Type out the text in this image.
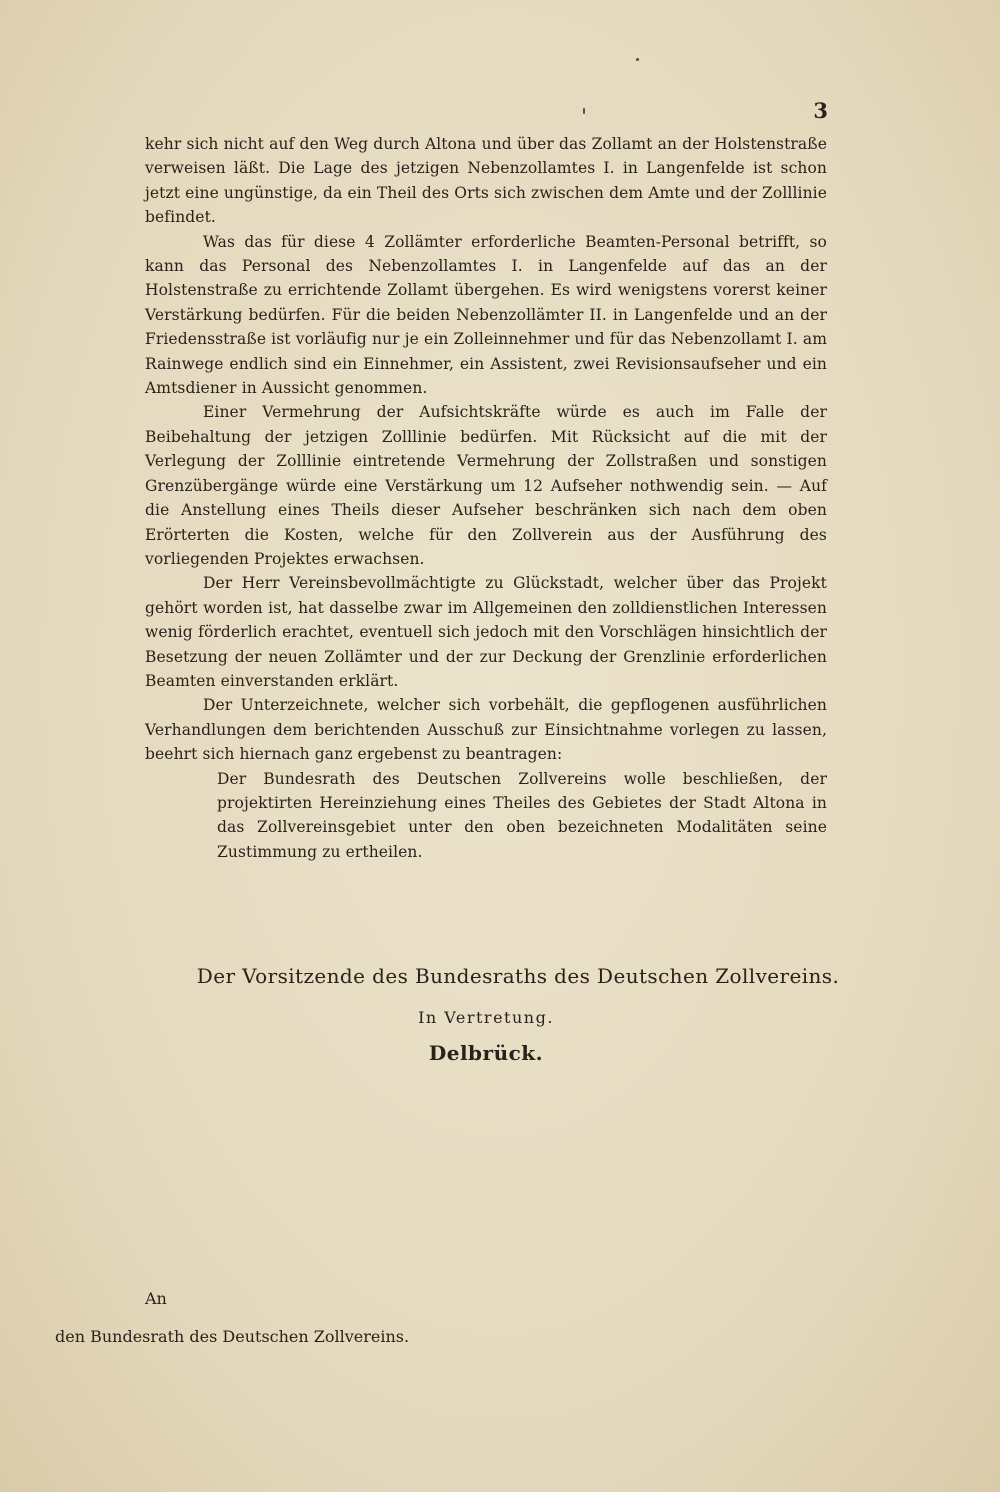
3

kehr sich nicht auf den Weg durch Altona und über das Zollamt an der Holstenstraße verweisen läßt. Die Lage des jetzigen Nebenzollamtes I. in Langenfelde ist schon jetzt eine ungünstige, da ein Theil des Orts sich zwischen dem Amte und der Zolllinie befindet.

Was das für diese 4 Zollämter erforderliche Beamten-Personal betrifft, so kann das Personal des Nebenzollamtes I. in Langenfelde auf das an der Holstenstraße zu errichtende Zollamt übergehen. Es wird wenigstens vorerst keiner Verstärkung bedürfen. Für die beiden Nebenzollämter II. in Langenfelde und an der Friedensstraße ist vorläufig nur je ein Zolleinnehmer und für das Nebenzollamt I. am Rainwege endlich sind ein Einnehmer, ein Assistent, zwei Revisionsaufseher und ein Amtsdiener in Aussicht genommen.

Einer Vermehrung der Aufsichtskräfte würde es auch im Falle der Beibehaltung der jetzigen Zolllinie bedürfen. Mit Rücksicht auf die mit der Verlegung der Zolllinie eintretende Vermehrung der Zollstraßen und sonstigen Grenzübergänge würde eine Verstärkung um 12 Aufseher nothwendig sein. — Auf die Anstellung eines Theils dieser Aufseher beschränken sich nach dem oben Erörterten die Kosten, welche für den Zollverein aus der Ausführung des vorliegenden Projektes erwachsen.

Der Herr Vereinsbevollmächtigte zu Glückstadt, welcher über das Projekt gehört worden ist, hat dasselbe zwar im Allgemeinen den zolldienstlichen Interessen wenig förderlich erachtet, eventuell sich jedoch mit den Vorschlägen hinsichtlich der Besetzung der neuen Zollämter und der zur Deckung der Grenzlinie erforderlichen Beamten einverstanden erklärt.

Der Unterzeichnete, welcher sich vorbehält, die gepflogenen ausführlichen Verhandlungen dem berichtenden Ausschuß zur Einsichtnahme vorlegen zu lassen, beehrt sich hiernach ganz ergebenst zu beantragen:

Der Bundesrath des Deutschen Zollvereins wolle beschließen, der projektirten Hereinziehung eines Theiles des Gebietes der Stadt Altona in das Zollvereinsgebiet unter den oben bezeichneten Modalitäten seine Zustimmung zu ertheilen.

Der Vorsitzende des Bundesraths des Deutschen Zollvereins.
In Vertretung.
Delbrück.
An
den Bundesrath des Deutschen Zollvereins.
